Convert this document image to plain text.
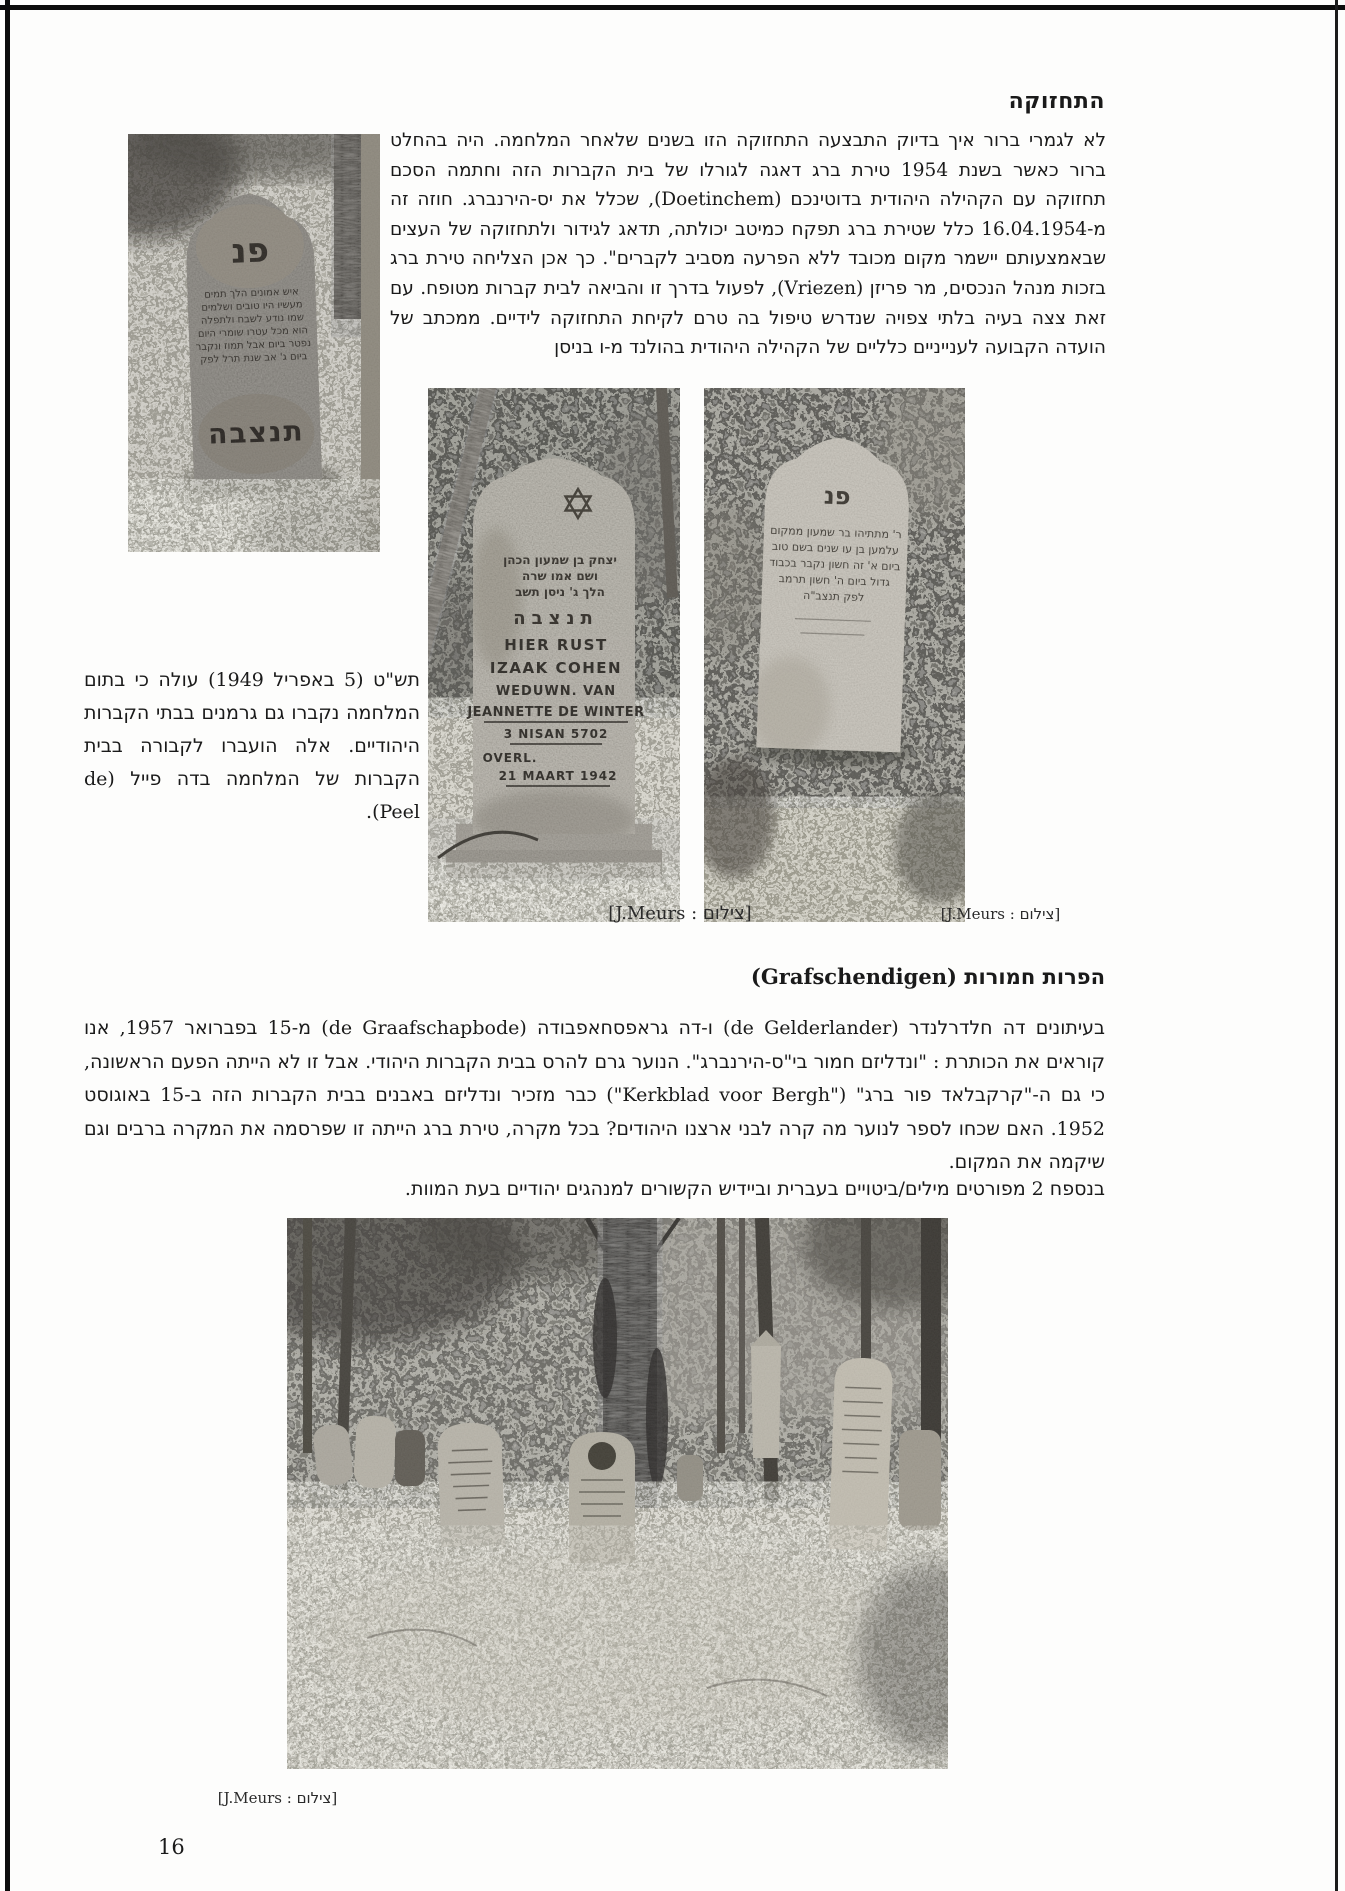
התחזוקה
לא לגמרי ברור איך בדיוק התבצעה התחזוקה הזו בשנים שלאחר המלחמה. היה בהחלט ברור כאשר בשנת 1954 טירת ברג דאגה לגורלו של בית הקברות הזה וחתמה הסכם תחזוקה עם הקהילה היהודית בדוטינכם (Doetinchem), שכלל את יס-הירנברג. חוזה זה מ-16.04.1954 כלל שטירת ברג תפקח כמיטב יכולתה, תדאג לגידור ולתחזוקה של העצים שבאמצעותם יישמר מקום מכובד ללא הפרעה מסביב לקברים". כך אכן הצליחה טירת ברג בזכות מנהל הנכסים, מר פריזן (Vriezen), לפעול בדרך זו והביאה לבית קברות מטופח. עם זאת צצה בעיה בלתי צפויה שנדרש טיפול בה טרם לקיחת התחזוקה לידיים. ממכתב של הועדה הקבועה לענייניים כלליים של הקהילה היהודית בהולנד מ-ו בניסן
פנ
איש אמונים הלך תמים
מעשיו היו טובים ושלמים
שמו נודע לשבח ולתפלה
הוא מכל עטרו שומרי היום
נפטר ביום אבל תמוז ונקבר
ביום ג' אב שנת תרל לפק
תנצבה
תש"ט (5 באפריל 1949) עולה כי בתום המלחמה נקברו גם גרמנים בבתי הקברות היהודיים. אלה הועברו לקבורה בבית הקברות של המלחמה בדה פייל (de Peel).
יצחק בן שמעון הכהן
ושם אמו שרה
הלך ג' ניסן תשב
תנצבה
HIER RUST
IZAAK COHEN
WEDUWN. VAN
JEANNETTE DE WINTER
3 NISAN 5702
OVERL.
21 MAART 1942
פנ
ר' מתתיהו בר שמעון ממקום
עלמען בן עו שנים בשם טוב
ביום א' זה חשון נקבר בכבוד
גדול ביום ה' חשון תרמב
לפק תנצב"ה
[צילום : J.Meurs]	[צילום : J.Meurs]
הפרות חמורות (Grafschendigen)
בעיתונים דה חלדרלנדר (de Gelderlander) ו-דה גראפסחאפבודה (de Graafschapbode) מ-15 בפברואר 1957, אנו קוראים את הכותרת : "ונדליזם חמור בי"ס-הירנברג". הנוער גרם להרס בבית הקברות היהודי. אבל זו לא הייתה הפעם הראשונה, כי גם ה-"קרקבלאד פור ברג" ("Kerkblad voor Bergh") כבר מזכיר ונדליזם באבנים בבית הקברות הזה ב-15 באוגוסט 1952. האם שכחו לספר לנוער מה קרה לבני ארצנו היהודים? בכל מקרה, טירת ברג הייתה זו שפרסמה את המקרה ברבים וגם שיקמה את המקום.
בנספח 2 מפורטים מילים/ביטויים בעברית וביידיש הקשורים למנהגים יהודיים בעת המוות.
[צילום : J.Meurs]
16
